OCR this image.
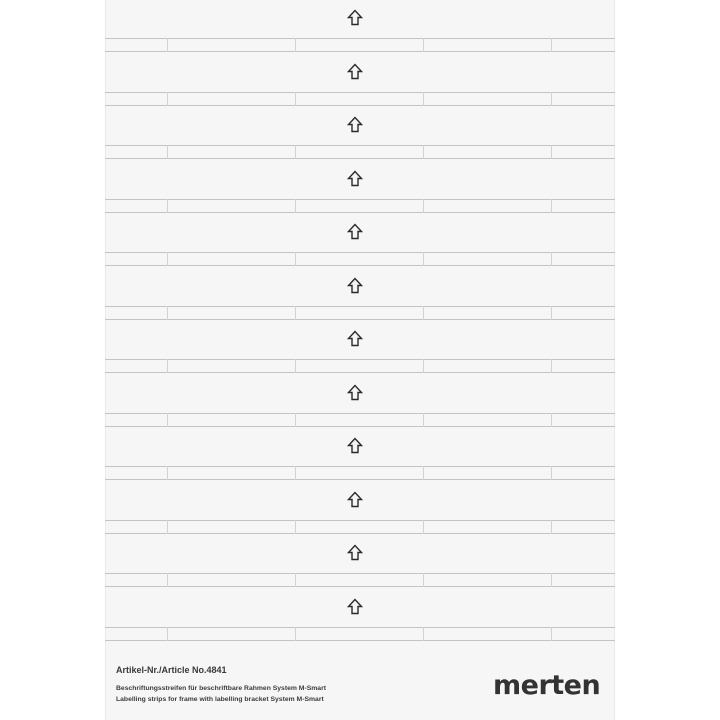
Artikel-Nr./Article No.4841

Beschriftungsstreifen für beschriftbare Rahmen System M-Smart

Labelling strips for frame with labelling bracket System M-Smart	merten
